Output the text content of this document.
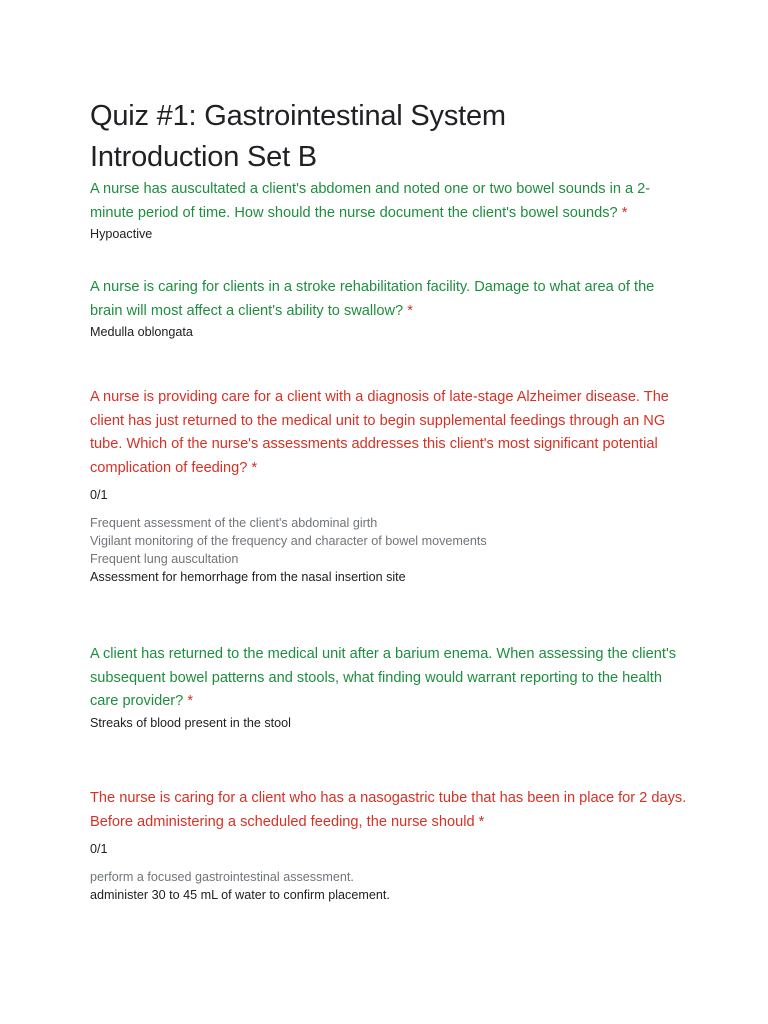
Quiz #1: Gastrointestinal System
Introduction Set B

A nurse has auscultated a client's abdomen and noted one or two bowel sounds in a 2-minute period of time. How should the nurse document the client's bowel sounds? *

Hypoactive

A nurse is caring for clients in a stroke rehabilitation facility. Damage to what area of the brain will most affect a client's ability to swallow? *

Medulla oblongata

A nurse is providing care for a client with a diagnosis of late-stage Alzheimer disease. The client has just returned to the medical unit to begin supplemental feedings through an NG tube. Which of the nurse's assessments addresses this client's most significant potential complication of feeding? *

0/1

Frequent assessment of the client's abdominal girth

Vigilant monitoring of the frequency and character of bowel movements

Frequent lung auscultation

Assessment for hemorrhage from the nasal insertion site

A client has returned to the medical unit after a barium enema. When assessing the client's subsequent bowel patterns and stools, what finding would warrant reporting to the health care provider? *

Streaks of blood present in the stool

The nurse is caring for a client who has a nasogastric tube that has been in place for 2 days. Before administering a scheduled feeding, the nurse should *

0/1

perform a focused gastrointestinal assessment.

administer 30 to 45 mL of water to confirm placement.
